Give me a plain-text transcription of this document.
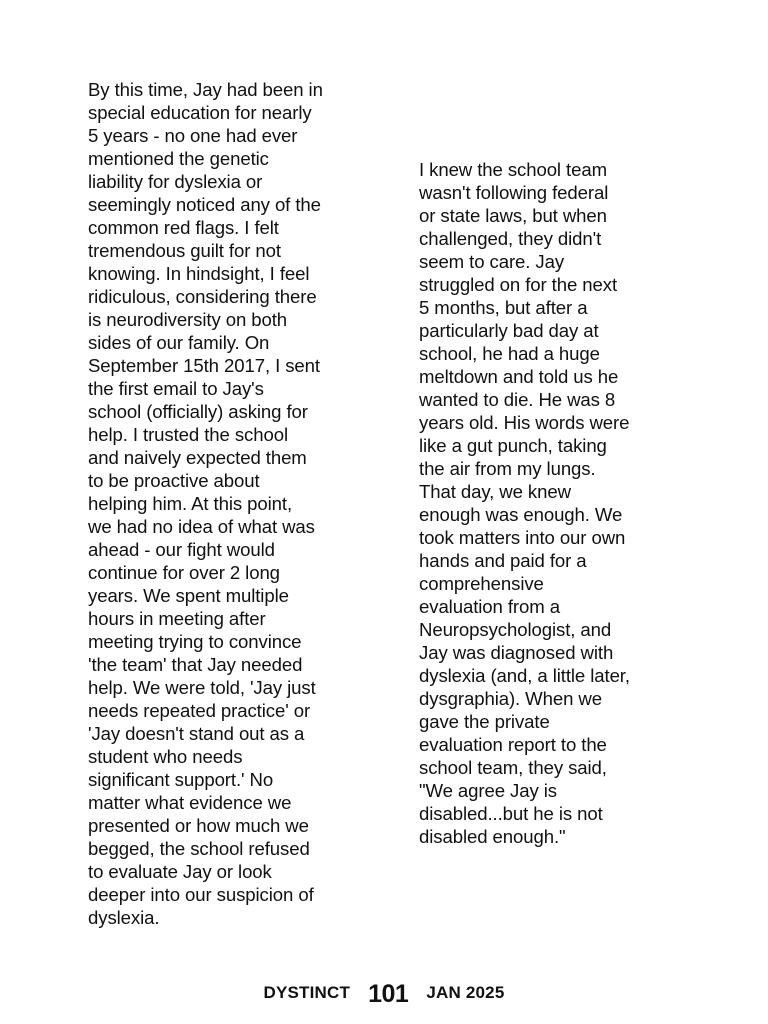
By this time, Jay had been in
special education for nearly
5 years - no one had ever
mentioned the genetic
liability for dyslexia or
seemingly noticed any of the
common red flags. I felt
tremendous guilt for not
knowing. In hindsight, I feel
ridiculous, considering there
is neurodiversity on both
sides of our family. On
September 15th 2017, I sent
the first email to Jay's
school (officially) asking for
help. I trusted the school
and naively expected them
to be proactive about
helping him. At this point,
we had no idea of what was
ahead - our fight would
continue for over 2 long
years. We spent multiple
hours in meeting after
meeting trying to convince
'the team' that Jay needed
help. We were told, 'Jay just
needs repeated practice' or
'Jay doesn't stand out as a
student who needs
significant support.' No
matter what evidence we
presented or how much we
begged, the school refused
to evaluate Jay or look
deeper into our suspicion of
dyslexia.

I knew the school team
wasn't following federal
or state laws, but when
challenged, they didn't
seem to care. Jay
struggled on for the next
5 months, but after a
particularly bad day at
school, he had a huge
meltdown and told us he
wanted to die. He was 8
years old. His words were
like a gut punch, taking
the air from my lungs.
That day, we knew
enough was enough. We
took matters into our own
hands and paid for a
comprehensive
evaluation from a
Neuropsychologist, and
Jay was diagnosed with
dyslexia (and, a little later,
dysgraphia). When we
gave the private
evaluation report to the
school team, they said,
"We agree Jay is
disabled...but he is not
disabled enough."

DYSTINCT 101 JAN 2025
